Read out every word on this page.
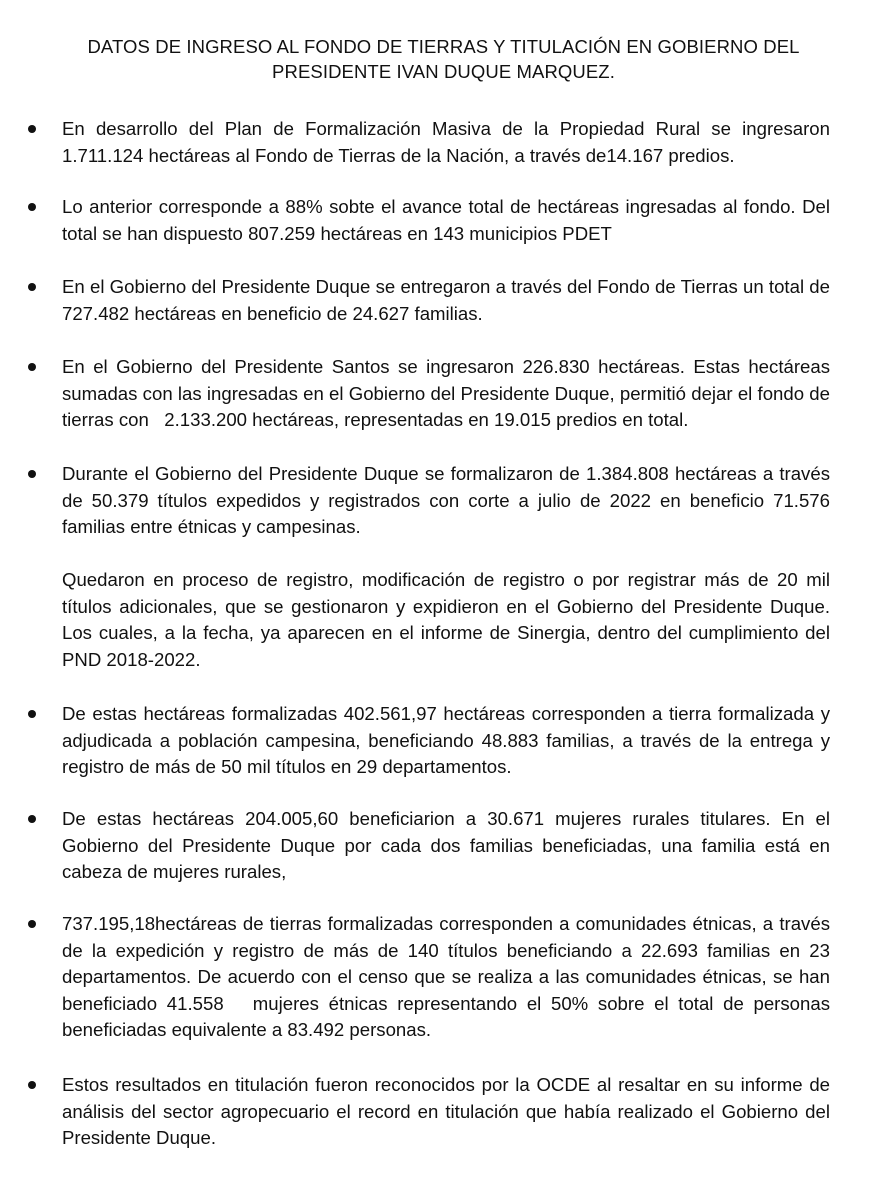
DATOS DE INGRESO AL FONDO DE TIERRAS Y TITULACIÓN EN GOBIERNO DEL
PRESIDENTE IVAN DUQUE MARQUEZ.
En desarrollo del Plan de Formalización Masiva de la Propiedad Rural se ingresaron 1.711.124 hectáreas al Fondo de Tierras de la Nación, a través de14.167 predios.
Lo anterior corresponde a 88% sobte el avance total de hectáreas ingresadas al fondo. Del total se han dispuesto 807.259 hectáreas en 143 municipios PDET
En el Gobierno del Presidente Duque se entregaron a través del Fondo de Tierras un total de 727.482 hectáreas en beneficio de 24.627 familias.
En el Gobierno del Presidente Santos se ingresaron 226.830 hectáreas. Estas hectáreas sumadas con las ingresadas en el Gobierno del Presidente Duque, permitió dejar el fondo de tierras con   2.133.200 hectáreas, representadas en 19.015 predios en total.
Durante el Gobierno del Presidente Duque se formalizaron de 1.384.808 hectáreas a través de 50.379 títulos expedidos y registrados con corte a julio de 2022 en beneficio 71.576 familias entre étnicas y campesinas.
Quedaron en proceso de registro, modificación de registro o por registrar más de 20 mil títulos adicionales, que se gestionaron y expidieron en el Gobierno del Presidente Duque. Los cuales, a la fecha, ya aparecen en el informe de Sinergia, dentro del cumplimiento del PND 2018-2022.
De estas hectáreas formalizadas 402.561,97 hectáreas corresponden a tierra formalizada y adjudicada a población campesina, beneficiando 48.883 familias, a través de la entrega y registro de más de 50 mil títulos en 29 departamentos.
De estas hectáreas 204.005,60 beneficiarion a 30.671 mujeres rurales titulares. En el Gobierno del Presidente Duque por cada dos familias beneficiadas, una familia está en cabeza de mujeres rurales,
737.195,18hectáreas de tierras formalizadas corresponden a comunidades étnicas, a través de la expedición y registro de más de 140 títulos beneficiando a 22.693 familias en 23 departamentos. De acuerdo con el censo que se realiza a las comunidades étnicas, se han beneficiado 41.558   mujeres étnicas representando el 50% sobre el total de personas beneficiadas equivalente a 83.492 personas.
Estos resultados en titulación fueron reconocidos por la OCDE al resaltar en su informe de análisis del sector agropecuario el record en titulación que había realizado el Gobierno del Presidente Duque.
